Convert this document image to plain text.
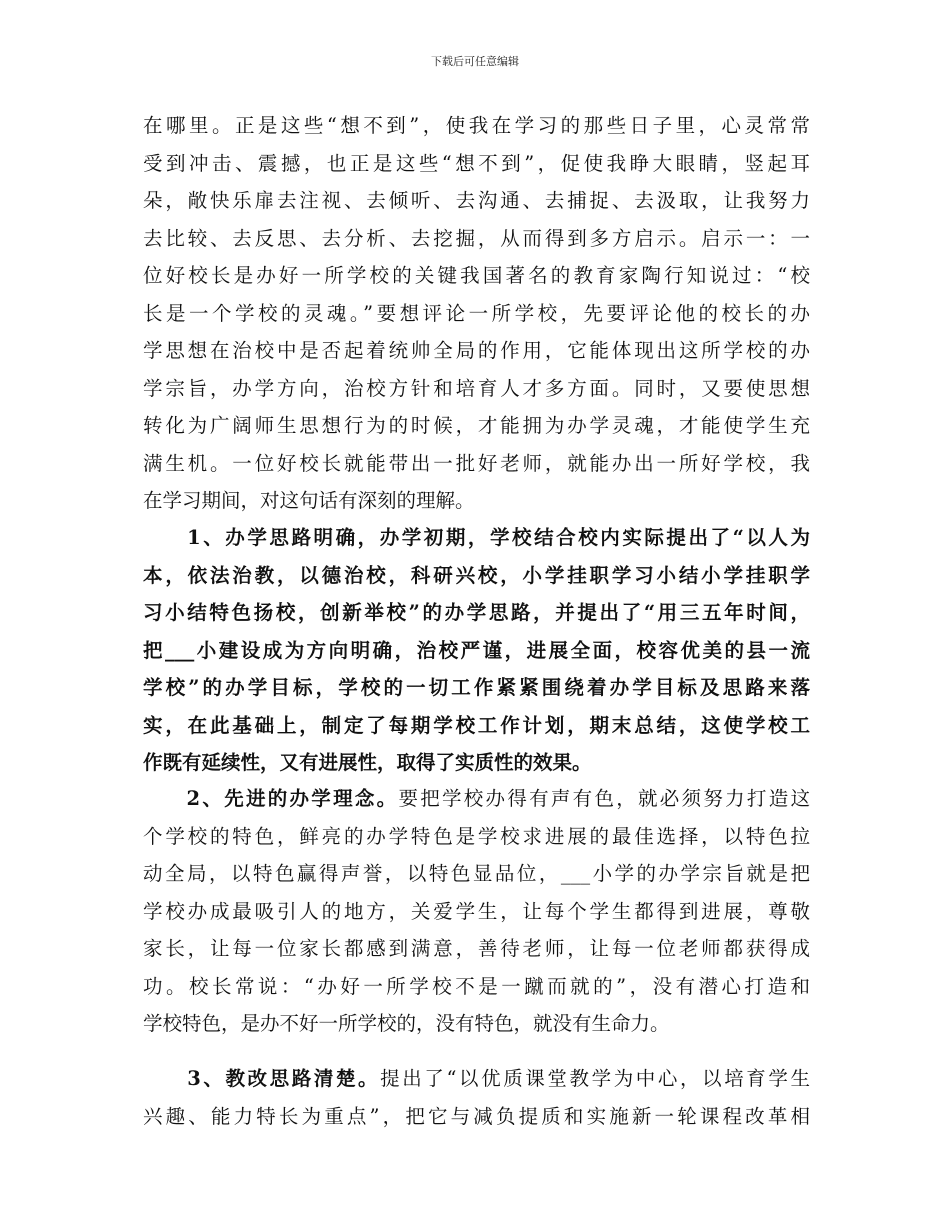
下载后可任意编辑
在哪里。正是这些“想不到”，使我在学习的那些日子里，心灵常常
受到冲击、震撼，也正是这些“想不到”，促使我睁大眼睛，竖起耳
朵，敞快乐扉去注视、去倾听、去沟通、去捕捉、去汲取，让我努力
去比较、去反思、去分析、去挖掘，从而得到多方启示。启示一：一
位好校长是办好一所学校的关键我国著名的教育家陶行知说过：“校
长是一个学校的灵魂。”要想评论一所学校，先要评论他的校长的办
学思想在治校中是否起着统帅全局的作用，它能体现出这所学校的办
学宗旨，办学方向，治校方针和培育人才多方面。同时，又要使思想
转化为广阔师生思想行为的时候，才能拥为办学灵魂，才能使学生充
满生机。一位好校长就能带出一批好老师，就能办出一所好学校，我
在学习期间，对这句话有深刻的理解。
　　1、办学思路明确，办学初期，学校结合校内实际提出了“以人为
本，依法治教，以德治校，科研兴校，小学挂职学习小结小学挂职学
习小结特色扬校，创新举校”的办学思路，并提出了“用三五年时间，
把___小建设成为方向明确，治校严谨，进展全面，校容优美的县一流
学校”的办学目标，学校的一切工作紧紧围绕着办学目标及思路来落
实，在此基础上，制定了每期学校工作计划，期末总结，这使学校工
作既有延续性，又有进展性，取得了实质性的效果。
　　2、先进的办学理念。要把学校办得有声有色，就必须努力打造这
个学校的特色，鲜亮的办学特色是学校求进展的最佳选择，以特色拉
动全局，以特色赢得声誉，以特色显品位，___小学的办学宗旨就是把
学校办成最吸引人的地方，关爱学生，让每个学生都得到进展，尊敬
家长，让每一位家长都感到满意，善待老师，让每一位老师都获得成
功。校长常说：“办好一所学校不是一蹴而就的”，没有潜心打造和
学校特色，是办不好一所学校的，没有特色，就没有生命力。
　　3、教改思路清楚。提出了“以优质课堂教学为中心，以培育学生
兴趣、能力特长为重点”，把它与减负提质和实施新一轮课程改革相
